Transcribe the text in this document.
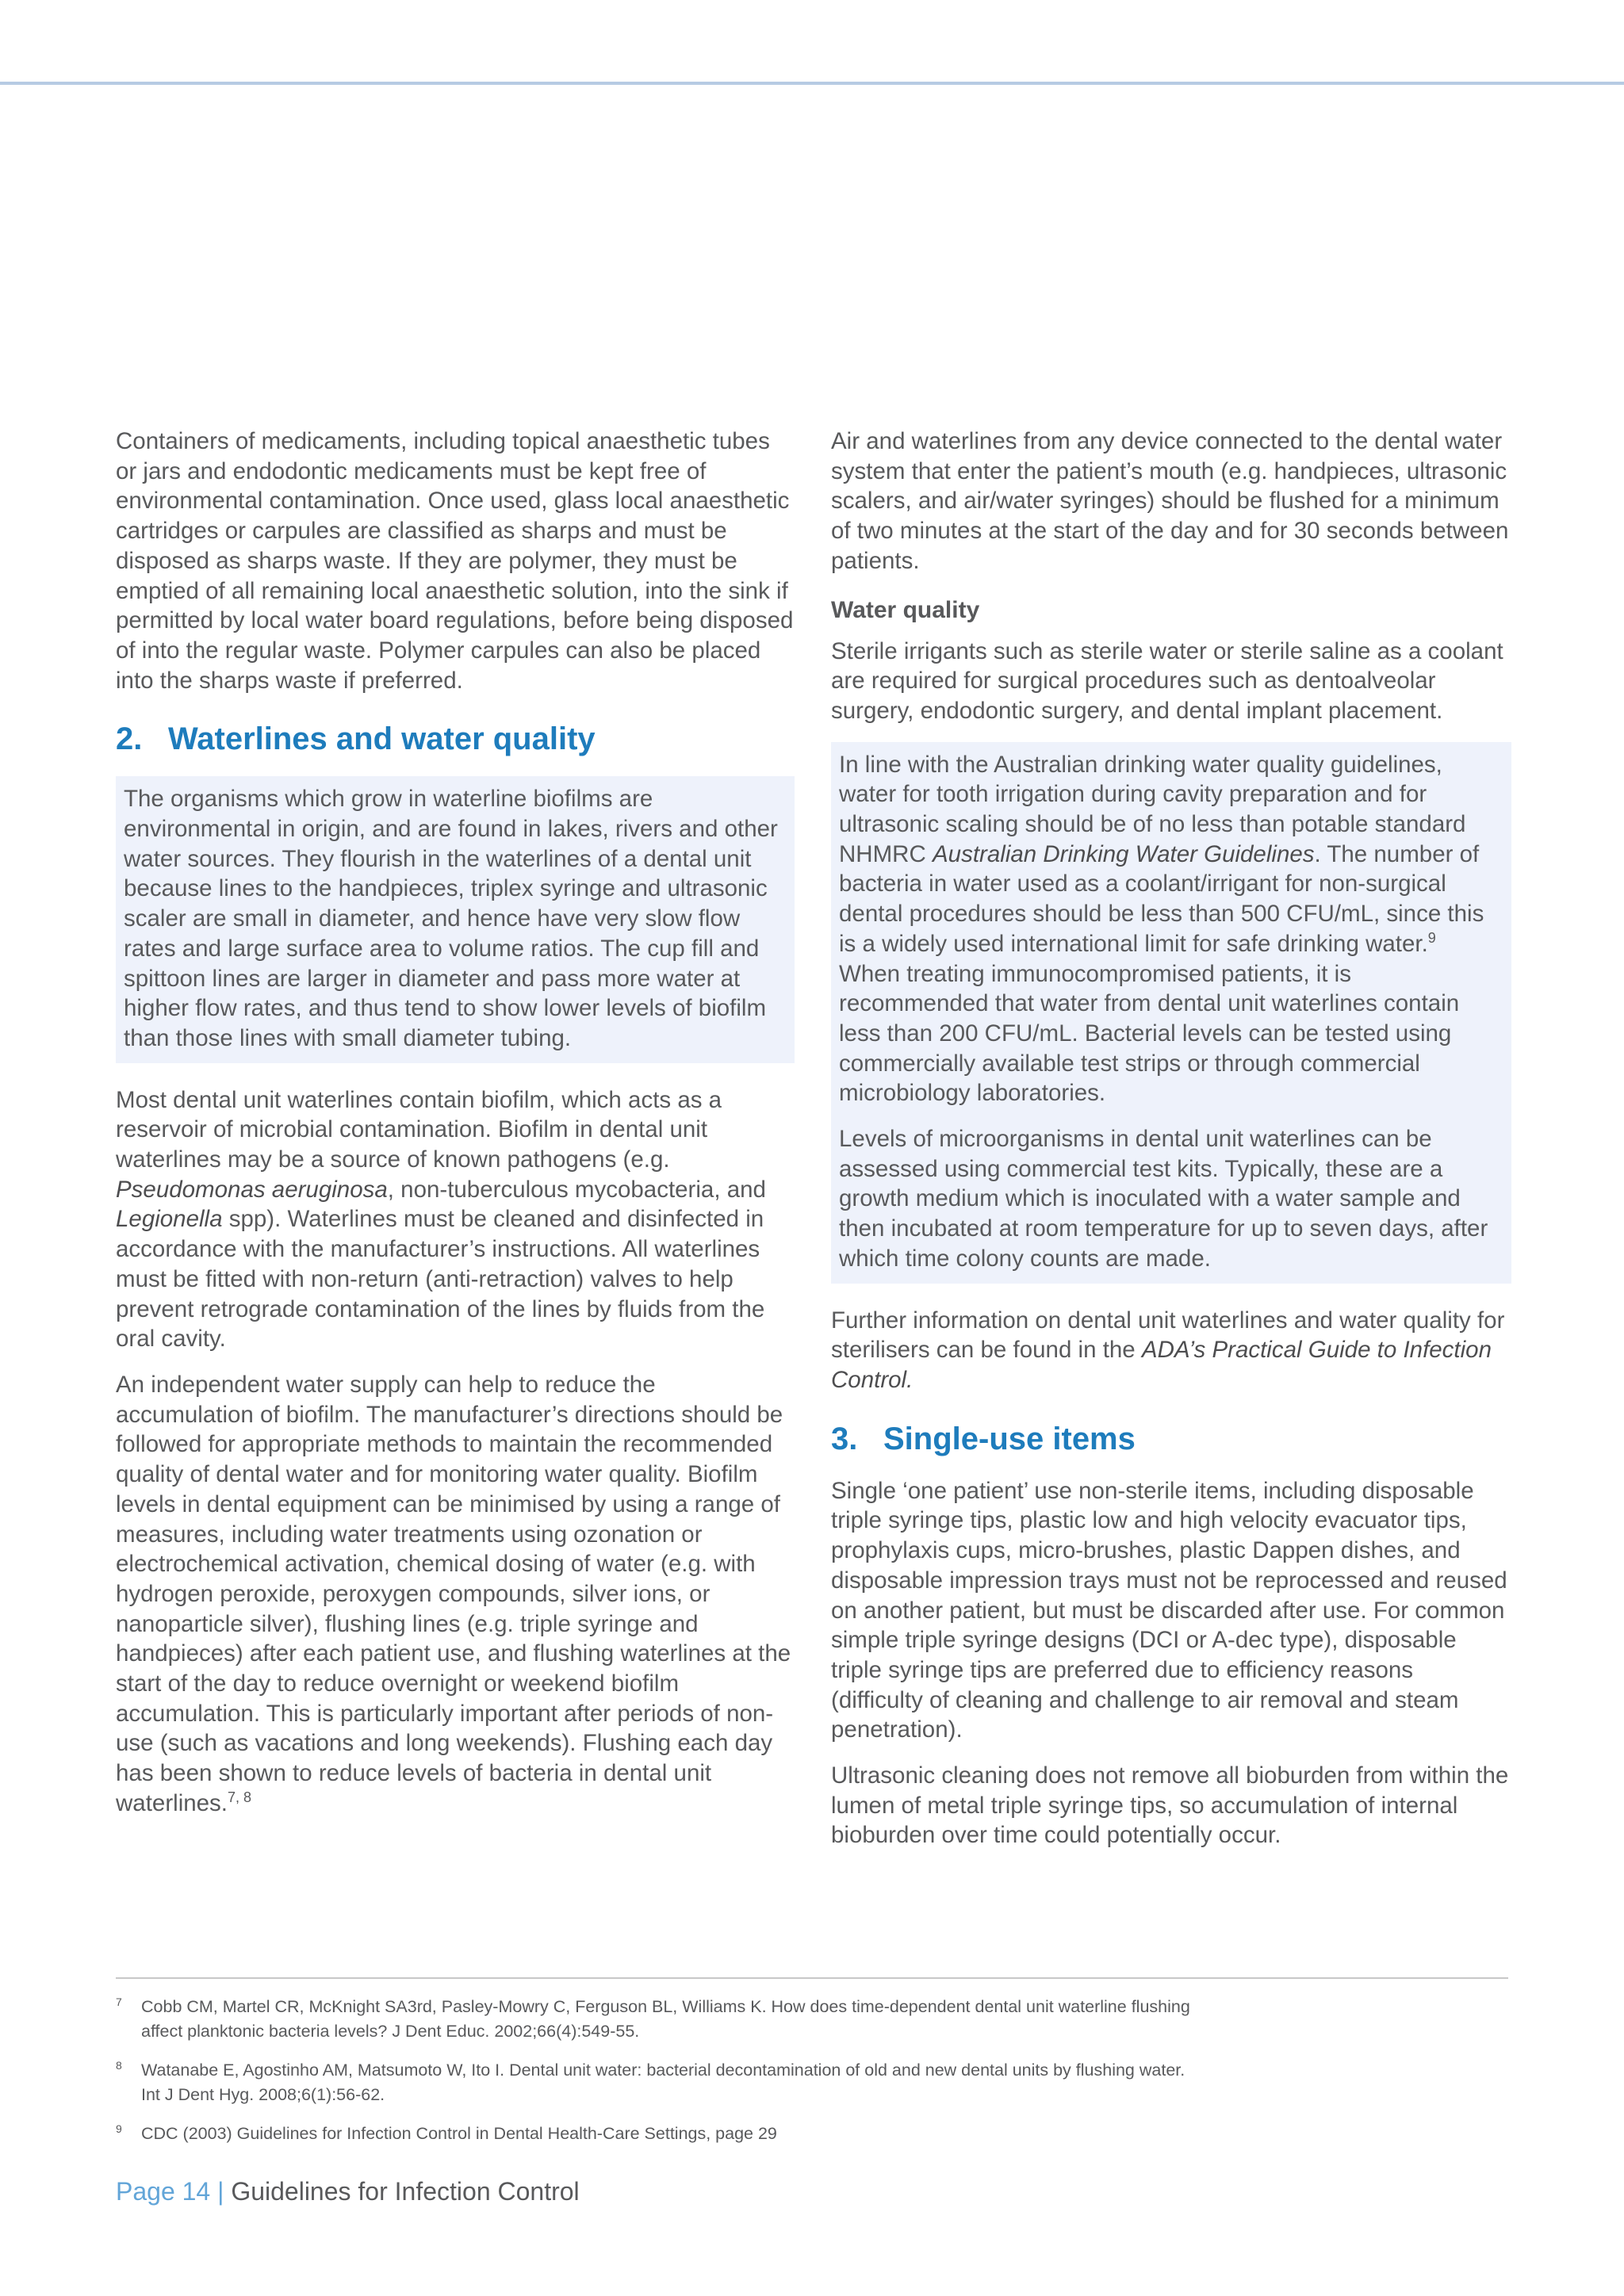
Containers of medicaments, including topical anaesthetic tubes or jars and endodontic medicaments must be kept free of environmental contamination. Once used, glass local anaesthetic cartridges or carpules are classified as sharps and must be disposed as sharps waste. If they are polymer, they must be emptied of all remaining local anaesthetic solution, into the sink if permitted by local water board regulations, before being disposed of into the regular waste. Polymer carpules can also be placed into the sharps waste if preferred.

2. Waterlines and water quality

The organisms which grow in waterline biofilms are environmental in origin, and are found in lakes, rivers and other water sources. They flourish in the waterlines of a dental unit because lines to the handpieces, triplex syringe and ultrasonic scaler are small in diameter, and hence have very slow flow rates and large surface area to volume ratios. The cup fill and spittoon lines are larger in diameter and pass more water at higher flow rates, and thus tend to show lower levels of biofilm than those lines with small diameter tubing.

Most dental unit waterlines contain biofilm, which acts as a reservoir of microbial contamination. Biofilm in dental unit waterlines may be a source of known pathogens (e.g. Pseudomonas aeruginosa, non-tuberculous mycobacteria, and Legionella spp). Waterlines must be cleaned and disinfected in accordance with the manufacturer’s instructions. All waterlines must be fitted with non-return (anti-retraction) valves to help prevent retrograde contamination of the lines by fluids from the oral cavity.

An independent water supply can help to reduce the accumulation of biofilm. The manufacturer’s directions should be followed for appropriate methods to maintain the recommended quality of dental water and for monitoring water quality. Biofilm levels in dental equipment can be minimised by using a range of measures, including water treatments using ozonation or electrochemical activation, chemical dosing of water (e.g. with hydrogen peroxide, peroxygen compounds, silver ions, or nanoparticle silver), flushing lines (e.g. triple syringe and handpieces) after each patient use, and flushing waterlines at the start of the day to reduce overnight or weekend biofilm accumulation. This is particularly important after periods of non-use (such as vacations and long weekends). Flushing each day has been shown to reduce levels of bacteria in dental unit waterlines.$^{7, 8}$

Air and waterlines from any device connected to the dental water system that enter the patient’s mouth (e.g. handpieces, ultrasonic scalers, and air/water syringes) should be flushed for a minimum of two minutes at the start of the day and for 30 seconds between patients.

Water quality

Sterile irrigants such as sterile water or sterile saline as a coolant are required for surgical procedures such as dentoalveolar surgery, endodontic surgery, and dental implant placement.

In line with the Australian drinking water quality guidelines, water for tooth irrigation during cavity preparation and for ultrasonic scaling should be of no less than potable standard NHMRC Australian Drinking Water Guidelines. The number of bacteria in water used as a coolant/irrigant for non-surgical dental procedures should be less than 500 CFU/mL, since this is a widely used international limit for safe drinking water.$^9$ When treating immunocompromised patients, it is recommended that water from dental unit waterlines contain less than 200 CFU/mL. Bacterial levels can be tested using commercially available test strips or through commercial microbiology laboratories.

Levels of microorganisms in dental unit waterlines can be assessed using commercial test kits. Typically, these are a growth medium which is inoculated with a water sample and then incubated at room temperature for up to seven days, after which time colony counts are made.

Further information on dental unit waterlines and water quality for sterilisers can be found in the ADA’s Practical Guide to Infection Control.

3. Single-use items

Single ‘one patient’ use non-sterile items, including disposable triple syringe tips, plastic low and high velocity evacuator tips, prophylaxis cups, micro-brushes, plastic Dappen dishes, and disposable impression trays must not be reprocessed and reused on another patient, but must be discarded after use. For common simple triple syringe designs (DCI or A-dec type), disposable triple syringe tips are preferred due to efficiency reasons (difficulty of cleaning and challenge to air removal and steam penetration).

Ultrasonic cleaning does not remove all bioburden from within the lumen of metal triple syringe tips, so accumulation of internal bioburden over time could potentially occur.

7	Cobb CM, Martel CR, McKnight SA3rd, Pasley-Mowry C, Ferguson BL, Williams K. How does time-dependent dental unit waterline flushing
affect planktonic bacteria levels? J Dent Educ. 2002;66(4):549-55.
8	Watanabe E, Agostinho AM, Matsumoto W, Ito I. Dental unit water: bacterial decontamination of old and new dental units by flushing water.
Int J Dent Hyg. 2008;6(1):56-62.
9	CDC (2003) Guidelines for Infection Control in Dental Health-Care Settings, page 29
Page 14 | Guidelines for Infection Control
